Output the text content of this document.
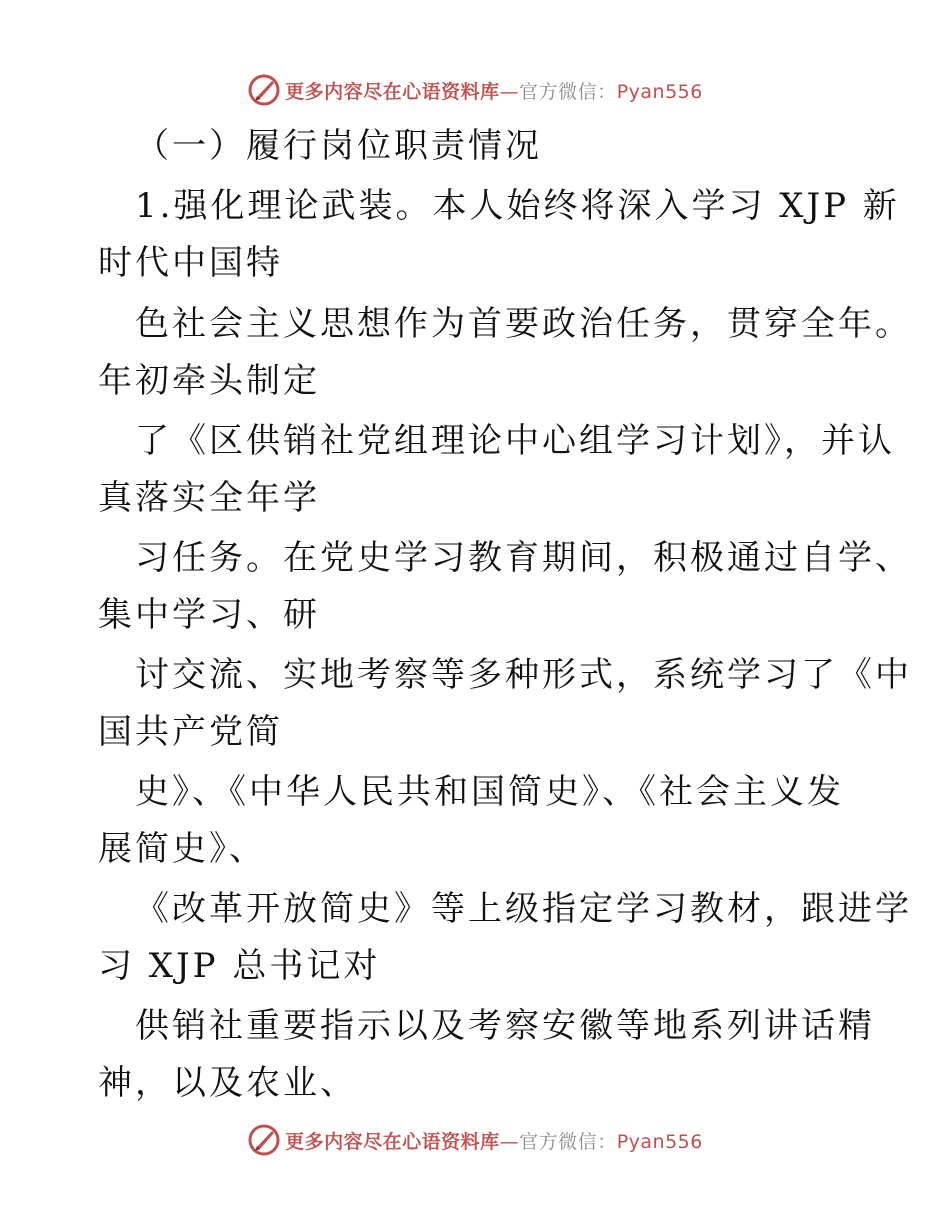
更多内容尽在心语资料库—官方微信：Pyan556
（一）履行岗位职责情况
1.强化理论武装。本人始终将深入学习 XJP 新
时代中国特
色社会主义思想作为首要政治任务，贯穿全年。
年初牵头制定
了《区供销社党组理论中心组学习计划》，并认
真落实全年学
习任务。在党史学习教育期间，积极通过自学、
集中学习、研
讨交流、实地考察等多种形式，系统学习了《中
国共产党简
史》、《中华人民共和国简史》、《社会主义发
展简史》、
《改革开放简史》等上级指定学习教材，跟进学
习 XJP 总书记对
供销社重要指示以及考察安徽等地系列讲话精
神，以及农业、
更多内容尽在心语资料库—官方微信：Pyan556
